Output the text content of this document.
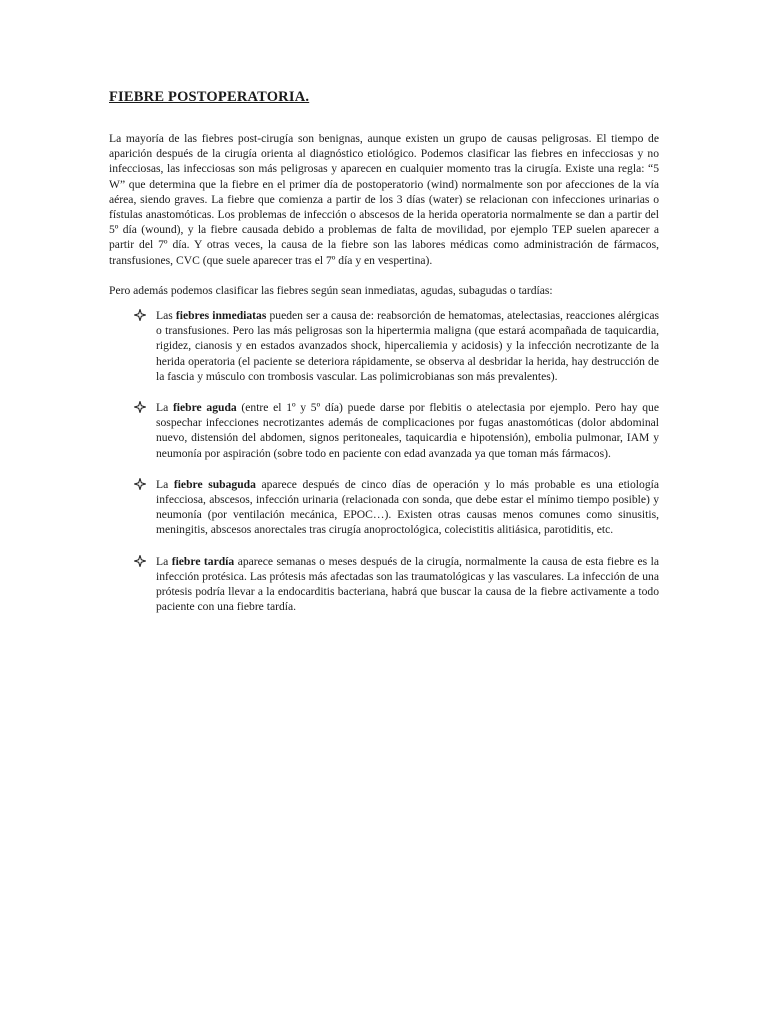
FIEBRE POSTOPERATORIA.

La mayoría de las fiebres post-cirugía son benignas, aunque existen un grupo de causas peligrosas. El tiempo de aparición después de la cirugía orienta al diagnóstico etiológico. Podemos clasificar las fiebres en infecciosas y no infecciosas, las infecciosas son más peligrosas y aparecen en cualquier momento tras la cirugía. Existe una regla: “5 W” que determina que la fiebre en el primer día de postoperatorio (wind) normalmente son por afecciones de la vía aérea, siendo graves. La fiebre que comienza a partir de los 3 días (water) se relacionan con infecciones urinarias o fístulas anastomóticas. Los problemas de infección o abscesos de la herida operatoria normalmente se dan a partir del 5º día (wound), y la fiebre causada debido a problemas de falta de movilidad, por ejemplo TEP suelen aparecer a partir del 7º día. Y otras veces, la causa de la fiebre son las labores médicas como administración de fármacos, transfusiones, CVC (que suele aparecer tras el 7º día y en vespertina).

Pero además podemos clasificar las fiebres según sean inmediatas, agudas, subagudas o tardías:

Las fiebres inmediatas pueden ser a causa de: reabsorción de hematomas, atelectasias, reacciones alérgicas o transfusiones. Pero las más peligrosas son la hipertermia maligna (que estará acompañada de taquicardia, rigidez, cianosis y en estados avanzados shock, hipercaliemia y acidosis) y la infección necrotizante de la herida operatoria (el paciente se deteriora rápidamente, se observa al desbridar la herida, hay destrucción de la fascia y músculo con trombosis vascular. Las polimicrobianas son más prevalentes).
La fiebre aguda (entre el 1º y 5º día) puede darse por flebitis o atelectasia por ejemplo. Pero hay que sospechar infecciones necrotizantes además de complicaciones por fugas anastomóticas (dolor abdominal nuevo, distensión del abdomen, signos peritoneales, taquicardia e hipotensión), embolia pulmonar, IAM y neumonía por aspiración (sobre todo en paciente con edad avanzada ya que toman más fármacos).
La fiebre subaguda aparece después de cinco días de operación y lo más probable es una etiología infecciosa, abscesos, infección urinaria (relacionada con sonda, que debe estar el mínimo tiempo posible) y neumonía (por ventilación mecánica, EPOC…). Existen otras causas menos comunes como sinusitis, meningitis, abscesos anorectales tras cirugía anoproctológica, colecistitis alitiásica, parotiditis, etc.
La fiebre tardía aparece semanas o meses después de la cirugía, normalmente la causa de esta fiebre es la infección protésica. Las prótesis más afectadas son las traumatológicas y las vasculares. La infección de una prótesis podría llevar a la endocarditis bacteriana, habrá que buscar la causa de la fiebre activamente a todo paciente con una fiebre tardía.
